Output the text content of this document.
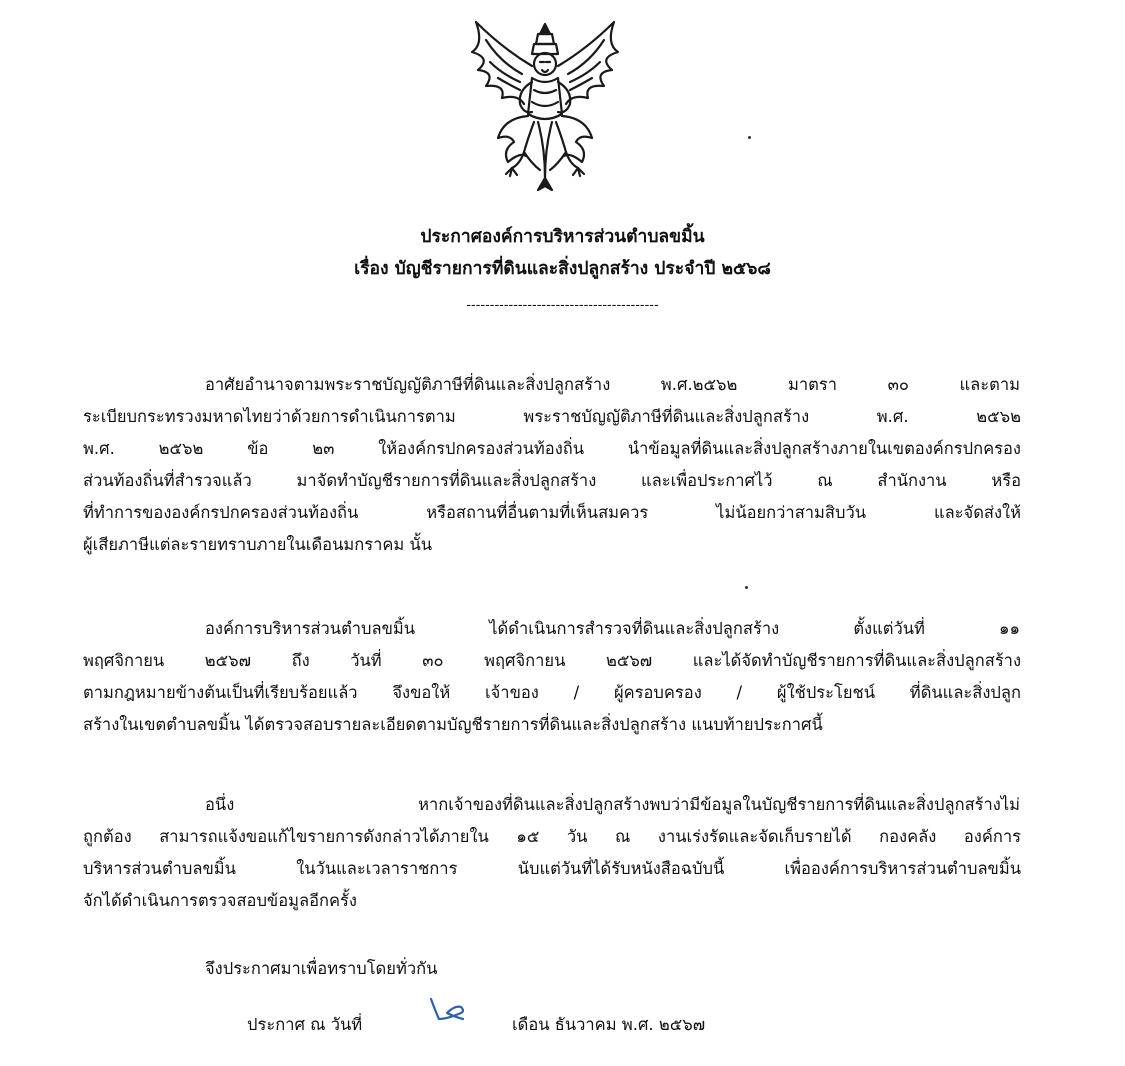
ประกาศองค์การบริหารส่วนตำบลขมิ้น
เรื่อง บัญชีรายการที่ดินและสิ่งปลูกสร้าง ประจำปี ๒๕๖๘
-----------------------------------------
อาศัยอำนาจตามพระราชบัญญัติภาษีที่ดินและสิ่งปลูกสร้าง พ.ศ.๒๕๖๒ มาตรา ๓๐ และตาม
ระเบียบกระทรวงมหาดไทยว่าด้วยการดำเนินการตาม พระราชบัญญัติภาษีที่ดินและสิ่งปลูกสร้าง พ.ศ. ๒๕๖๒
พ.ศ. ๒๕๖๒ ข้อ ๒๓ ให้องค์กรปกครองส่วนท้องถิ่น นำข้อมูลที่ดินและสิ่งปลูกสร้างภายในเขตองค์กรปกครอง
ส่วนท้องถิ่นที่สำรวจแล้ว มาจัดทำบัญชีรายการที่ดินและสิ่งปลูกสร้าง และเพื่อประกาศไว้ ณ สำนักงาน หรือ
ที่ทำการขององค์กรปกครองส่วนท้องถิ่น หรือสถานที่อื่นตามที่เห็นสมควร ไม่น้อยกว่าสามสิบวัน และจัดส่งให้
ผู้เสียภาษีแต่ละรายทราบภายในเดือนมกราคม นั้น
องค์การบริหารส่วนตำบลขมิ้น ได้ดำเนินการสำรวจที่ดินและสิ่งปลูกสร้าง ตั้งแต่วันที่ ๑๑
พฤศจิกายน ๒๕๖๗ ถึง วันที่ ๓๐ พฤศจิกายน ๒๕๖๗ และได้จัดทำบัญชีรายการที่ดินและสิ่งปลูกสร้าง
ตามกฎหมายข้างต้นเป็นที่เรียบร้อยแล้ว จึงขอให้ เจ้าของ / ผู้ครอบครอง / ผู้ใช้ประโยชน์ ที่ดินและสิ่งปลูก
สร้างในเขตตำบลขมิ้น ได้ตรวจสอบรายละเอียดตามบัญชีรายการที่ดินและสิ่งปลูกสร้าง แนบท้ายประกาศนี้
อนึ่ง หากเจ้าของที่ดินและสิ่งปลูกสร้างพบว่ามีข้อมูลในบัญชีรายการที่ดินและสิ่งปลูกสร้างไม่
ถูกต้อง สามารถแจ้งขอแก้ไขรายการดังกล่าวได้ภายใน ๑๕ วัน ณ งานเร่งรัดและจัดเก็บรายได้ กองคลัง องค์การ
บริหารส่วนตำบลขมิ้น ในวันและเวลาราชการ นับแต่วันที่ได้รับหนังสือฉบับนี้ เพื่อองค์การบริหารส่วนตำบลขมิ้น
จักได้ดำเนินการตรวจสอบข้อมูลอีกครั้ง
จึงประกาศมาเพื่อทราบโดยทั่วกัน
ประกาศ ณ วันที่	เดือน ธันวาคม พ.ศ. ๒๕๖๗
